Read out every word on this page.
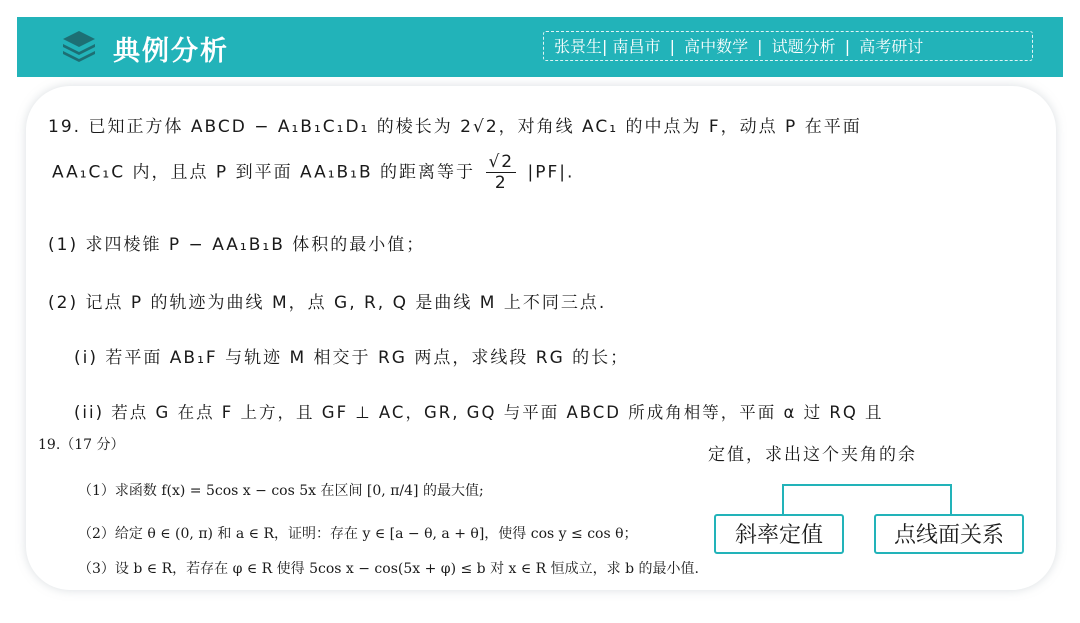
典例分析	张景生| 南昌市 | 高中数学 | 试题分析 | 高考研讨
19. 已知正方体 ABCD − A₁B₁C₁D₁ 的棱长为 2√2，对角线 AC₁ 的中点为 F，动点 P 在平面
AA₁C₁C 内，且点 P 到平面 AA₁B₁B 的距离等于 $\frac{√2}{2} |PF|$.
(1) 求四棱锥 P − AA₁B₁B 体积的最小值；
(2) 记点 P 的轨迹为曲线 M，点 G, R, Q 是曲线 M 上不同三点.
(i) 若平面 AB₁F 与轨迹 M 相交于 RG 两点，求线段 RG 的长；
(ii) 若点 G 在点 F 上方，且 GF ⊥ AC，GR, GQ 与平面 ABCD 所成角相等，平面 α 过 RQ 且
定值，求出这个夹角的余
19.（17 分）
（1）求函数 f(x) = 5cos x − cos 5x 在区间 [0, π/4] 的最大值;
（2）给定 θ ∈ (0, π) 和 a ∈ R，证明：存在 y ∈ [a − θ, a + θ]，使得 cos y ≤ cos θ；
（3）设 b ∈ R，若存在 φ ∈ R 使得 5cos x − cos(5x + φ) ≤ b 对 x ∈ R 恒成立，求 b 的最小值.
斜率定值	点线面关系
